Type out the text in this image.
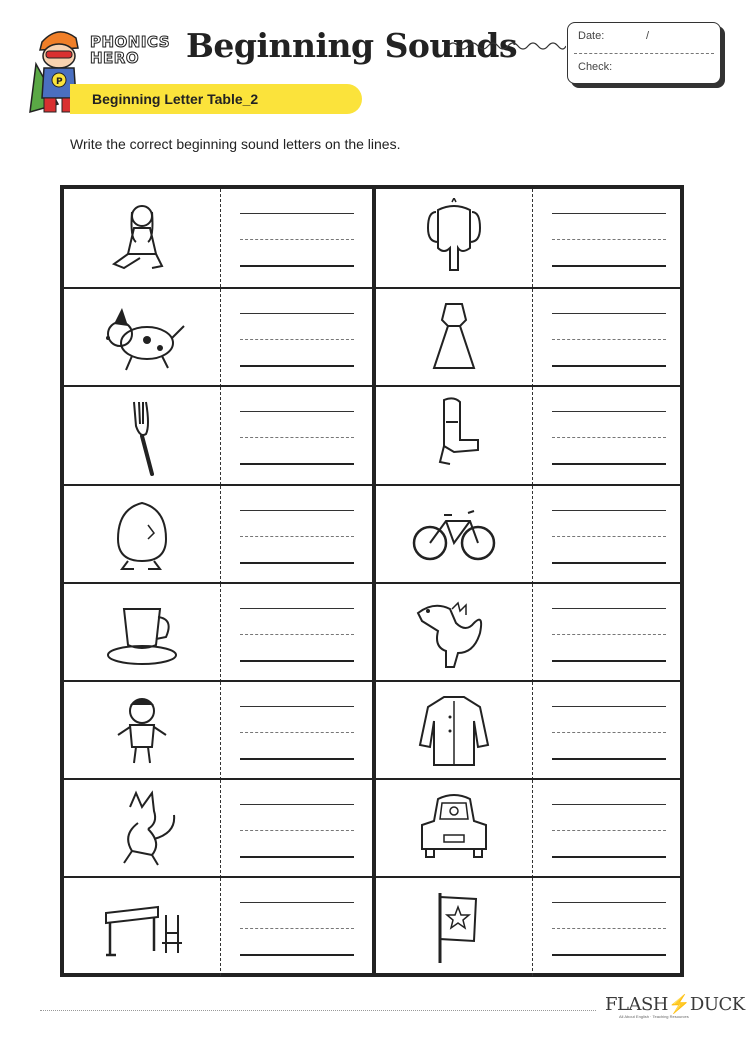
P
PHONICS
HERO	Beginning Sounds	Date:	/
Check:
Beginning Letter Table_2
Write the correct beginning sound letters on the lines.
FLASH⚡DUCK
All About English · Teaching Resources
